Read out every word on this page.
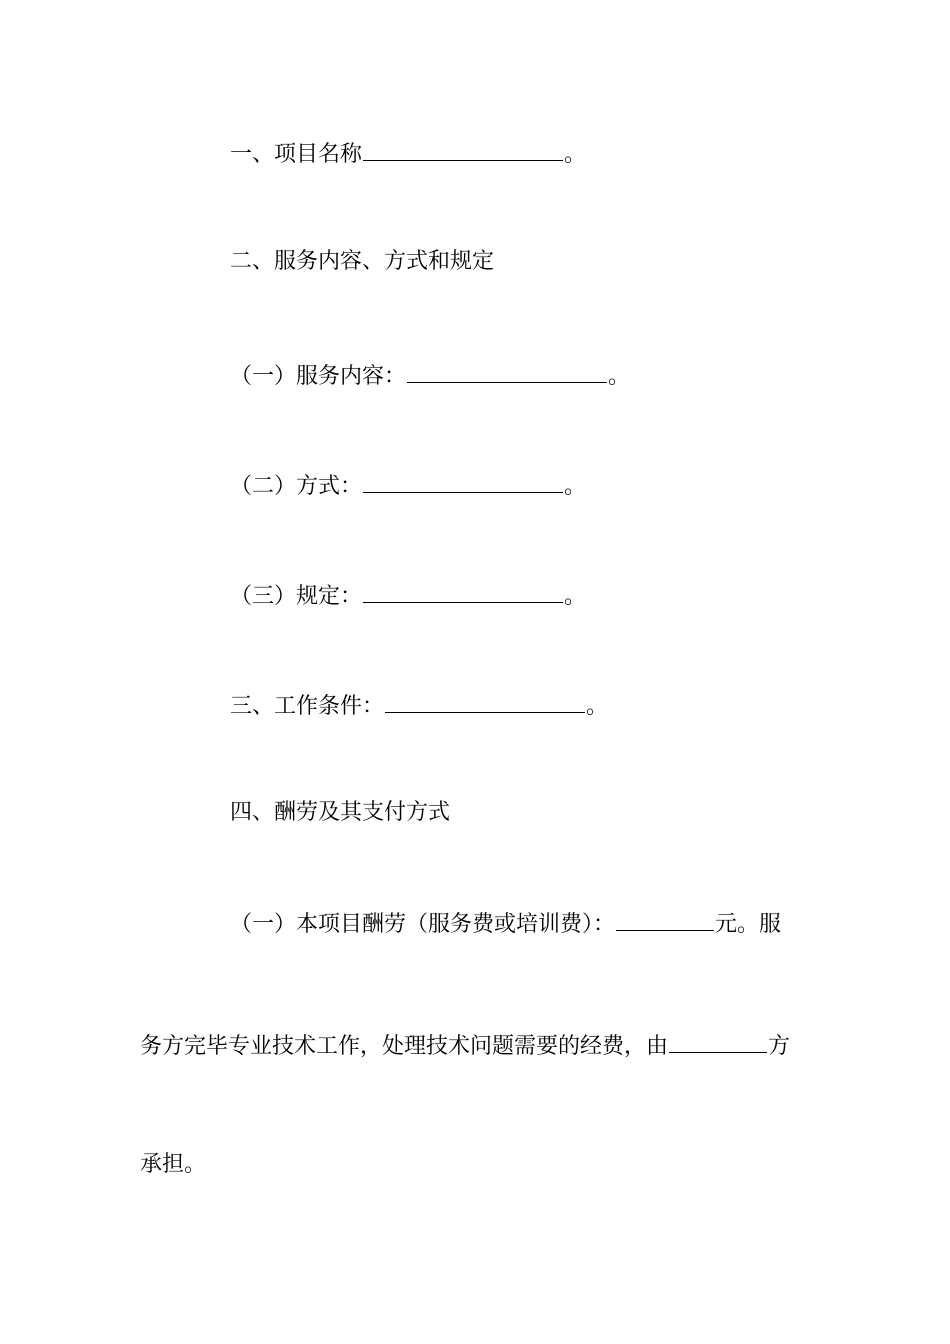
一、项目名称	。
二、服务内容、方式和规定
（一）服务内容：	。
（二）方式：	。
（三）规定：	。
三、工作条件：	。
四、酬劳及其支付方式
（一）本项目酬劳（服务费或培训费）：	元。服
务方完毕专业技术工作，处理技术问题需要的经费，由	方
承担。
